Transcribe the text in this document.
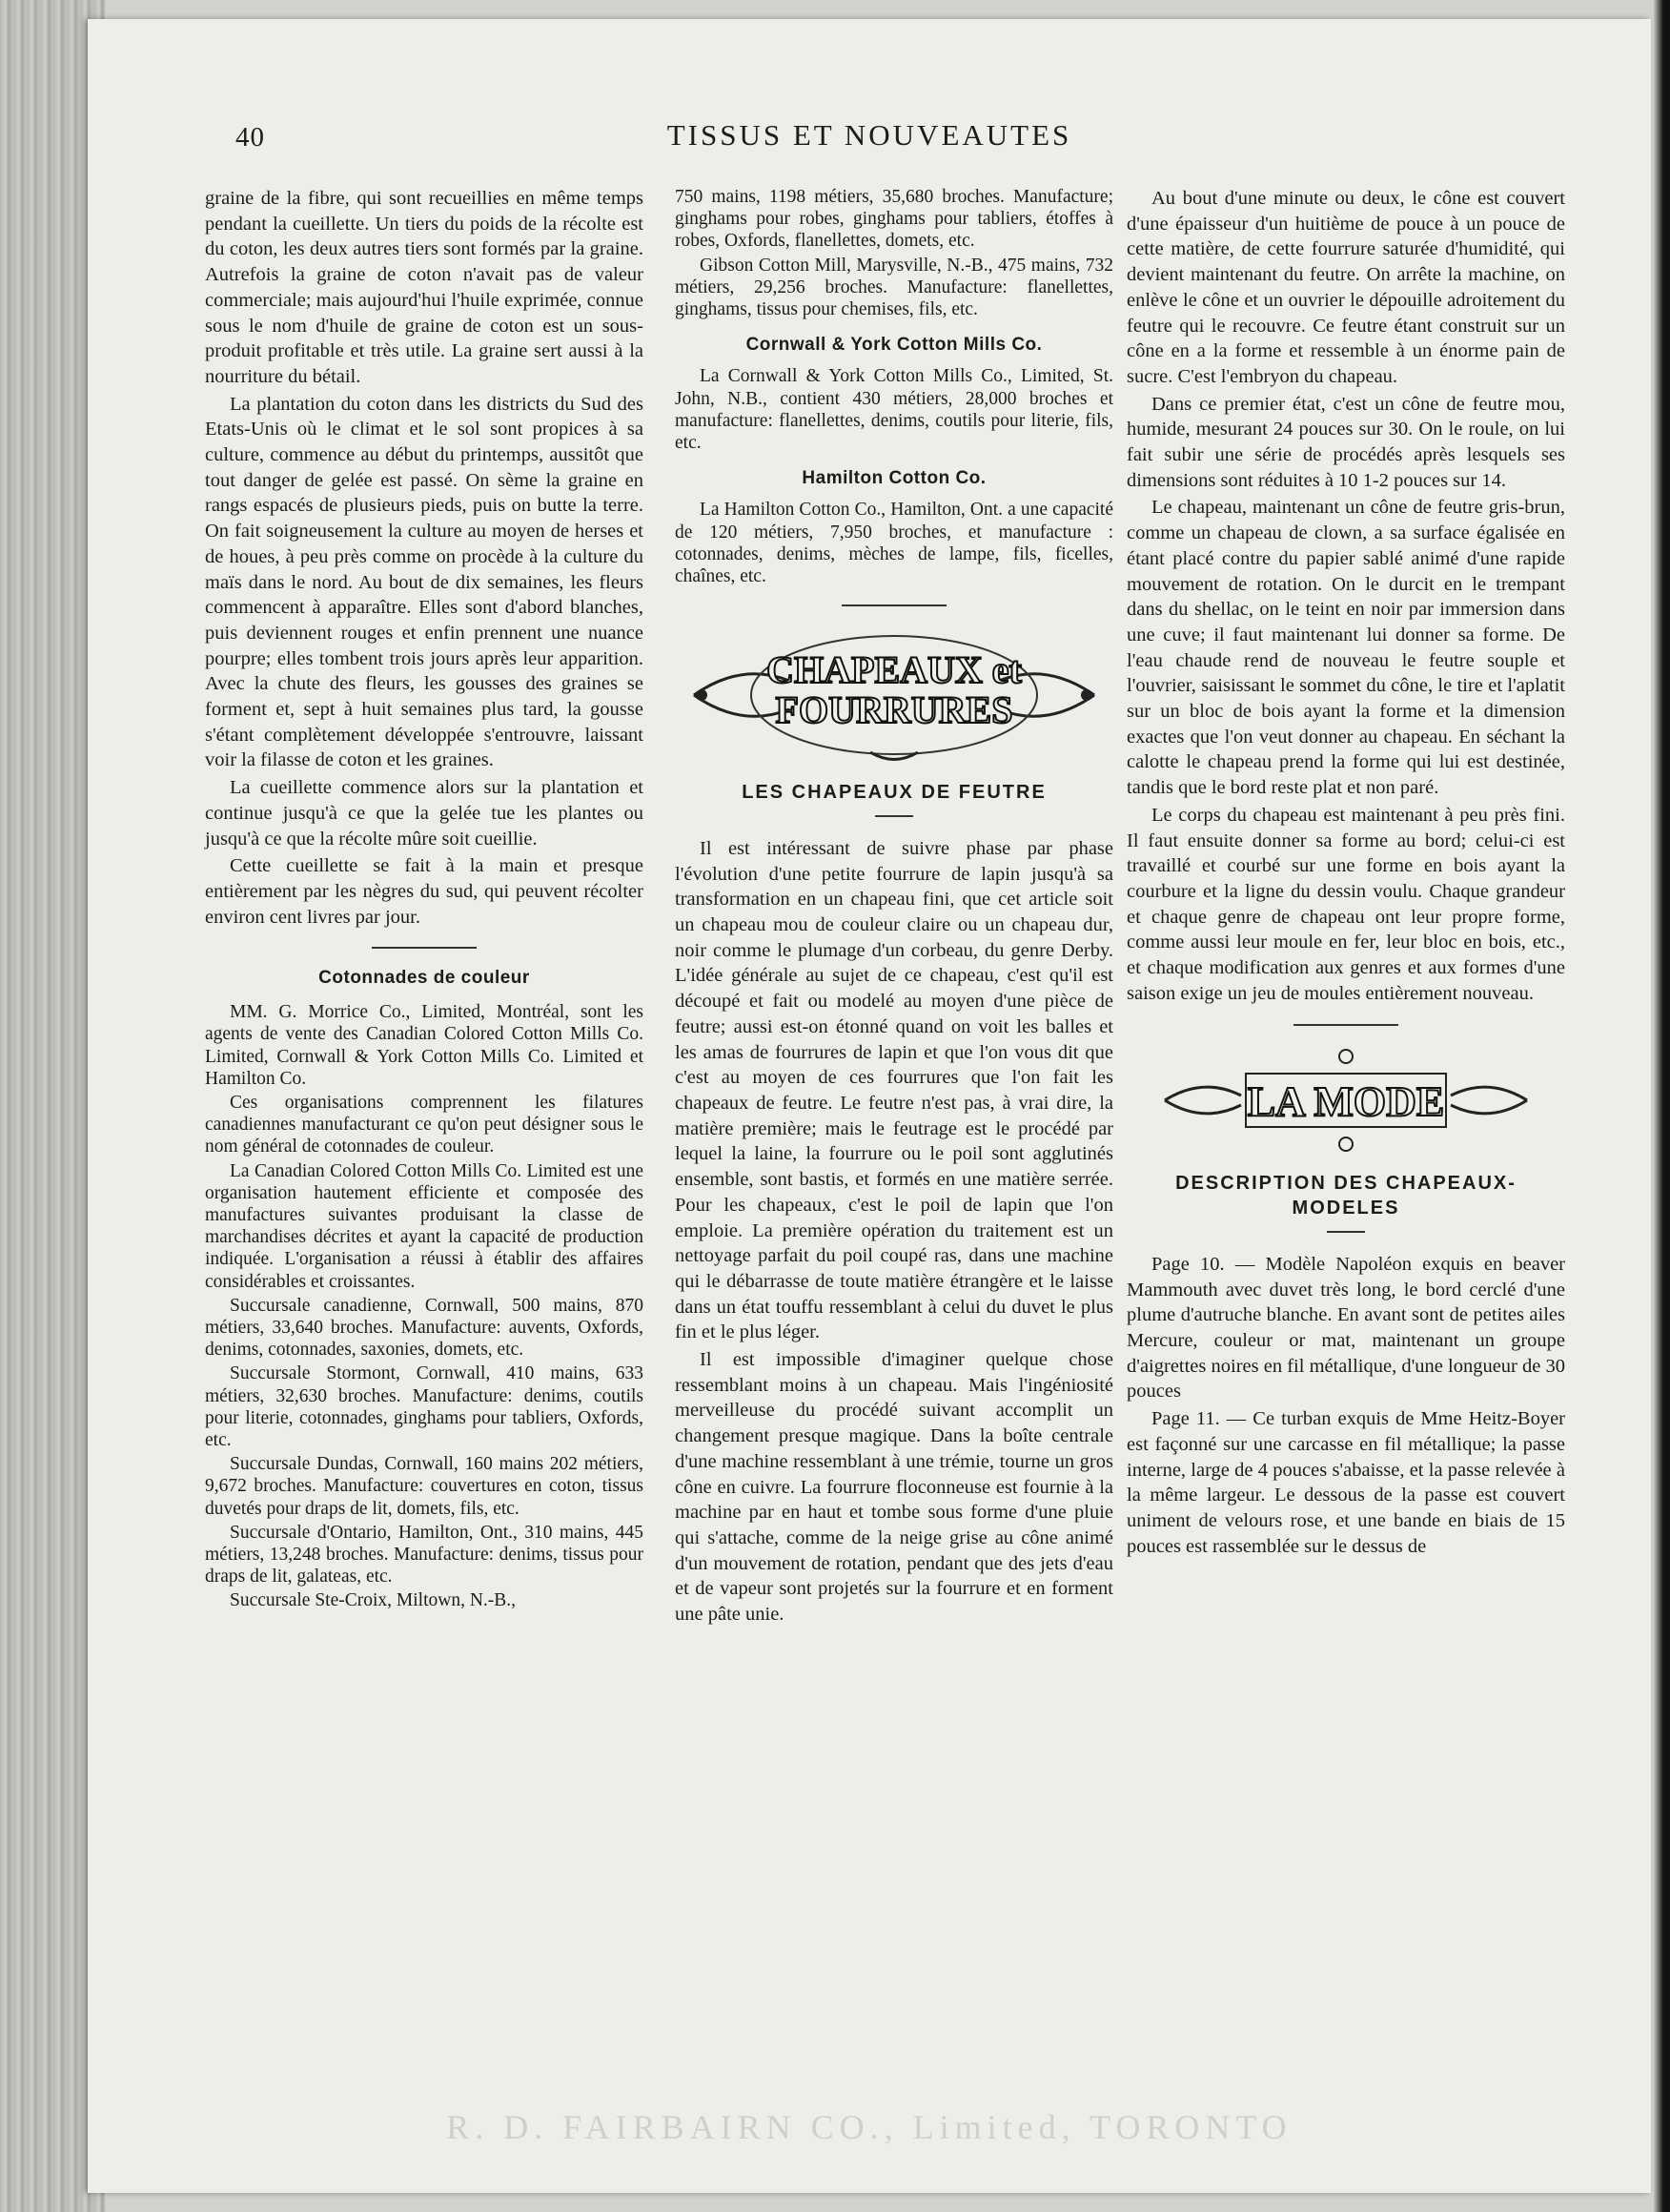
40	TISSUS ET NOUVEAUTES

graine de la fibre, qui sont recueillies en même temps pendant la cueillette. Un tiers du poids de la récolte est du coton, les deux autres tiers sont formés par la graine. Autrefois la graine de coton n'avait pas de valeur commerciale; mais aujourd'hui l'huile exprimée, connue sous le nom d'huile de graine de coton est un sous-produit profitable et très utile. La graine sert aussi à la nourriture du bétail.

La plantation du coton dans les districts du Sud des Etats-Unis où le climat et le sol sont propices à sa culture, commence au début du printemps, aussitôt que tout danger de gelée est passé. On sème la graine en rangs espacés de plusieurs pieds, puis on butte la terre. On fait soigneusement la culture au moyen de herses et de houes, à peu près comme on procède à la culture du maïs dans le nord. Au bout de dix semaines, les fleurs commencent à apparaître. Elles sont d'abord blanches, puis deviennent rouges et enfin prennent une nuance pourpre; elles tombent trois jours après leur apparition. Avec la chute des fleurs, les gousses des graines se forment et, sept à huit semaines plus tard, la gousse s'étant complètement développée s'entrouvre, laissant voir la filasse de coton et les graines.

La cueillette commence alors sur la plantation et continue jusqu'à ce que la gelée tue les plantes ou jusqu'à ce que la récolte mûre soit cueillie.

Cette cueillette se fait à la main et presque entièrement par les nègres du sud, qui peuvent récolter environ cent livres par jour.

Cotonnades de couleur

MM. G. Morrice Co., Limited, Montréal, sont les agents de vente des Canadian Colored Cotton Mills Co. Limited, Cornwall & York Cotton Mills Co. Limited et Hamilton Co.

Ces organisations comprennent les filatures canadiennes manufacturant ce qu'on peut désigner sous le nom général de cotonnades de couleur.

La Canadian Colored Cotton Mills Co. Limited est une organisation hautement efficiente et composée des manufactures suivantes produisant la classe de marchandises décrites et ayant la capacité de production indiquée. L'organisation a réussi à établir des affaires considérables et croissantes.

Succursale canadienne, Cornwall, 500 mains, 870 métiers, 33,640 broches. Manufacture: auvents, Oxfords, denims, cotonnades, saxonies, domets, etc.

Succursale Stormont, Cornwall, 410 mains, 633 métiers, 32,630 broches. Manufacture: denims, coutils pour literie, cotonnades, ginghams pour tabliers, Oxfords, etc.

Succursale Dundas, Cornwall, 160 mains 202 métiers, 9,672 broches. Manufacture: couvertures en coton, tissus duvetés pour draps de lit, domets, fils, etc.

Succursale d'Ontario, Hamilton, Ont., 310 mains, 445 métiers, 13,248 broches. Manufacture: denims, tissus pour draps de lit, galateas, etc.

Succursale Ste-Croix, Miltown, N.-B.,

750 mains, 1198 métiers, 35,680 broches. Manufacture; ginghams pour robes, ginghams pour tabliers, étoffes à robes, Oxfords, flanellettes, domets, etc.

Gibson Cotton Mill, Marysville, N.-B., 475 mains, 732 métiers, 29,256 broches. Manufacture: flanellettes, ginghams, tissus pour chemises, fils, etc.

Cornwall & York Cotton Mills Co.

La Cornwall & York Cotton Mills Co., Limited, St. John, N.B., contient 430 métiers, 28,000 broches et manufacture: flanellettes, denims, coutils pour literie, fils, etc.

Hamilton Cotton Co.

La Hamilton Cotton Co., Hamilton, Ont. a une capacité de 120 métiers, 7,950 broches, et manufacture : cotonnades, denims, mèches de lampe, fils, ficelles, chaînes, etc.

CHAPEAUX et
FOURRURES
LES CHAPEAUX DE FEUTRE

Il est intéressant de suivre phase par phase l'évolution d'une petite fourrure de lapin jusqu'à sa transformation en un chapeau fini, que cet article soit un chapeau mou de couleur claire ou un chapeau dur, noir comme le plumage d'un corbeau, du genre Derby. L'idée générale au sujet de ce chapeau, c'est qu'il est découpé et fait ou modelé au moyen d'une pièce de feutre; aussi est-on étonné quand on voit les balles et les amas de fourrures de lapin et que l'on vous dit que c'est au moyen de ces fourrures que l'on fait les chapeaux de feutre. Le feutre n'est pas, à vrai dire, la matière première; mais le feutrage est le procédé par lequel la laine, la fourrure ou le poil sont agglutinés ensemble, sont bastis, et formés en une matière serrée. Pour les chapeaux, c'est le poil de lapin que l'on emploie. La première opération du traitement est un nettoyage parfait du poil coupé ras, dans une machine qui le débarrasse de toute matière étrangère et le laisse dans un état touffu ressemblant à celui du duvet le plus fin et le plus léger.

Il est impossible d'imaginer quelque chose ressemblant moins à un chapeau. Mais l'ingéniosité merveilleuse du procédé suivant accomplit un changement presque magique. Dans la boîte centrale d'une machine ressemblant à une trémie, tourne un gros cône en cuivre. La fourrure floconneuse est fournie à la machine par en haut et tombe sous forme d'une pluie qui s'attache, comme de la neige grise au cône animé d'un mouvement de rotation, pendant que des jets d'eau et de vapeur sont projetés sur la fourrure et en forment une pâte unie.

Au bout d'une minute ou deux, le cône est couvert d'une épaisseur d'un huitième de pouce à un pouce de cette matière, de cette fourrure saturée d'humidité, qui devient maintenant du feutre. On arrête la machine, on enlève le cône et un ouvrier le dépouille adroitement du feutre qui le recouvre. Ce feutre étant construit sur un cône en a la forme et ressemble à un énorme pain de sucre. C'est l'embryon du chapeau.

Dans ce premier état, c'est un cône de feutre mou, humide, mesurant 24 pouces sur 30. On le roule, on lui fait subir une série de procédés après lesquels ses dimensions sont réduites à 10 1-2 pouces sur 14.

Le chapeau, maintenant un cône de feutre gris-brun, comme un chapeau de clown, a sa surface égalisée en étant placé contre du papier sablé animé d'une rapide mouvement de rotation. On le durcit en le trempant dans du shellac, on le teint en noir par immersion dans une cuve; il faut maintenant lui donner sa forme. De l'eau chaude rend de nouveau le feutre souple et l'ouvrier, saisissant le sommet du cône, le tire et l'aplatit sur un bloc de bois ayant la forme et la dimension exactes que l'on veut donner au chapeau. En séchant la calotte le chapeau prend la forme qui lui est destinée, tandis que le bord reste plat et non paré.

Le corps du chapeau est maintenant à peu près fini. Il faut ensuite donner sa forme au bord; celui-ci est travaillé et courbé sur une forme en bois ayant la courbure et la ligne du dessin voulu. Chaque grandeur et chaque genre de chapeau ont leur propre forme, comme aussi leur moule en fer, leur bloc en bois, etc., et chaque modification aux genres et aux formes d'une saison exige un jeu de moules entièrement nouveau.

LA MODE
DESCRIPTION DES CHAPEAUX-MODELES

Page 10. — Modèle Napoléon exquis en beaver Mammouth avec duvet très long, le bord cerclé d'une plume d'autruche blanche. En avant sont de petites ailes Mercure, couleur or mat, maintenant un groupe d'aigrettes noires en fil métallique, d'une longueur de 30 pouces

Page 11. — Ce turban exquis de Mme Heitz-Boyer est façonné sur une carcasse en fil métallique; la passe interne, large de 4 pouces s'abaisse, et la passe relevée à la même largeur. Le dessous de la passe est couvert uniment de velours rose, et une bande en biais de 15 pouces est rassemblée sur le dessus de

R. D. FAIRBAIRN CO., Limited, TORONTO
